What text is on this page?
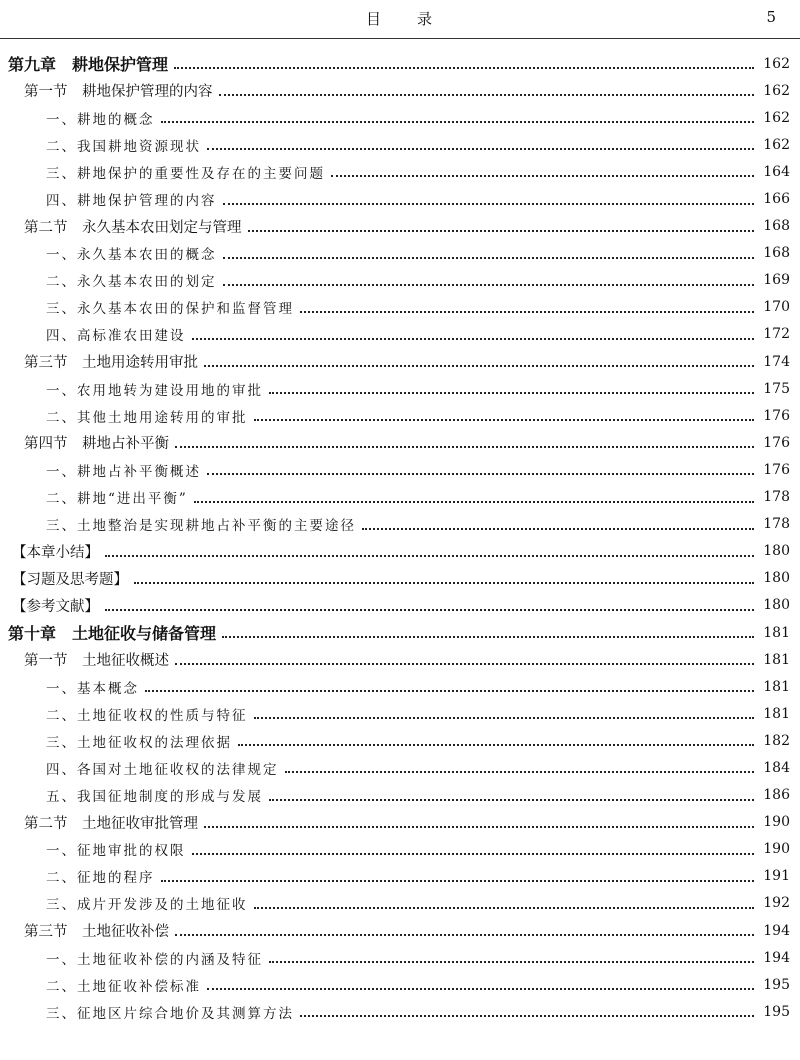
目　　录	5
第九章　耕地保护管理	162
第一节　耕地保护管理的内容	162
一、耕地的概念	162
二、我国耕地资源现状	162
三、耕地保护的重要性及存在的主要问题	164
四、耕地保护管理的内容	166
第二节　永久基本农田划定与管理	168
一、永久基本农田的概念	168
二、永久基本农田的划定	169
三、永久基本农田的保护和监督管理	170
四、高标准农田建设	172
第三节　土地用途转用审批	174
一、农用地转为建设用地的审批	175
二、其他土地用途转用的审批	176
第四节　耕地占补平衡	176
一、耕地占补平衡概述	176
二、耕地“进出平衡”	178
三、土地整治是实现耕地占补平衡的主要途径	178
【本章小结】	180
【习题及思考题】	180
【参考文献】	180
第十章　土地征收与储备管理	181
第一节　土地征收概述	181
一、基本概念	181
二、土地征收权的性质与特征	181
三、土地征收权的法理依据	182
四、各国对土地征收权的法律规定	184
五、我国征地制度的形成与发展	186
第二节　土地征收审批管理	190
一、征地审批的权限	190
二、征地的程序	191
三、成片开发涉及的土地征收	192
第三节　土地征收补偿	194
一、土地征收补偿的内涵及特征	194
二、土地征收补偿标准	195
三、征地区片综合地价及其测算方法	195
